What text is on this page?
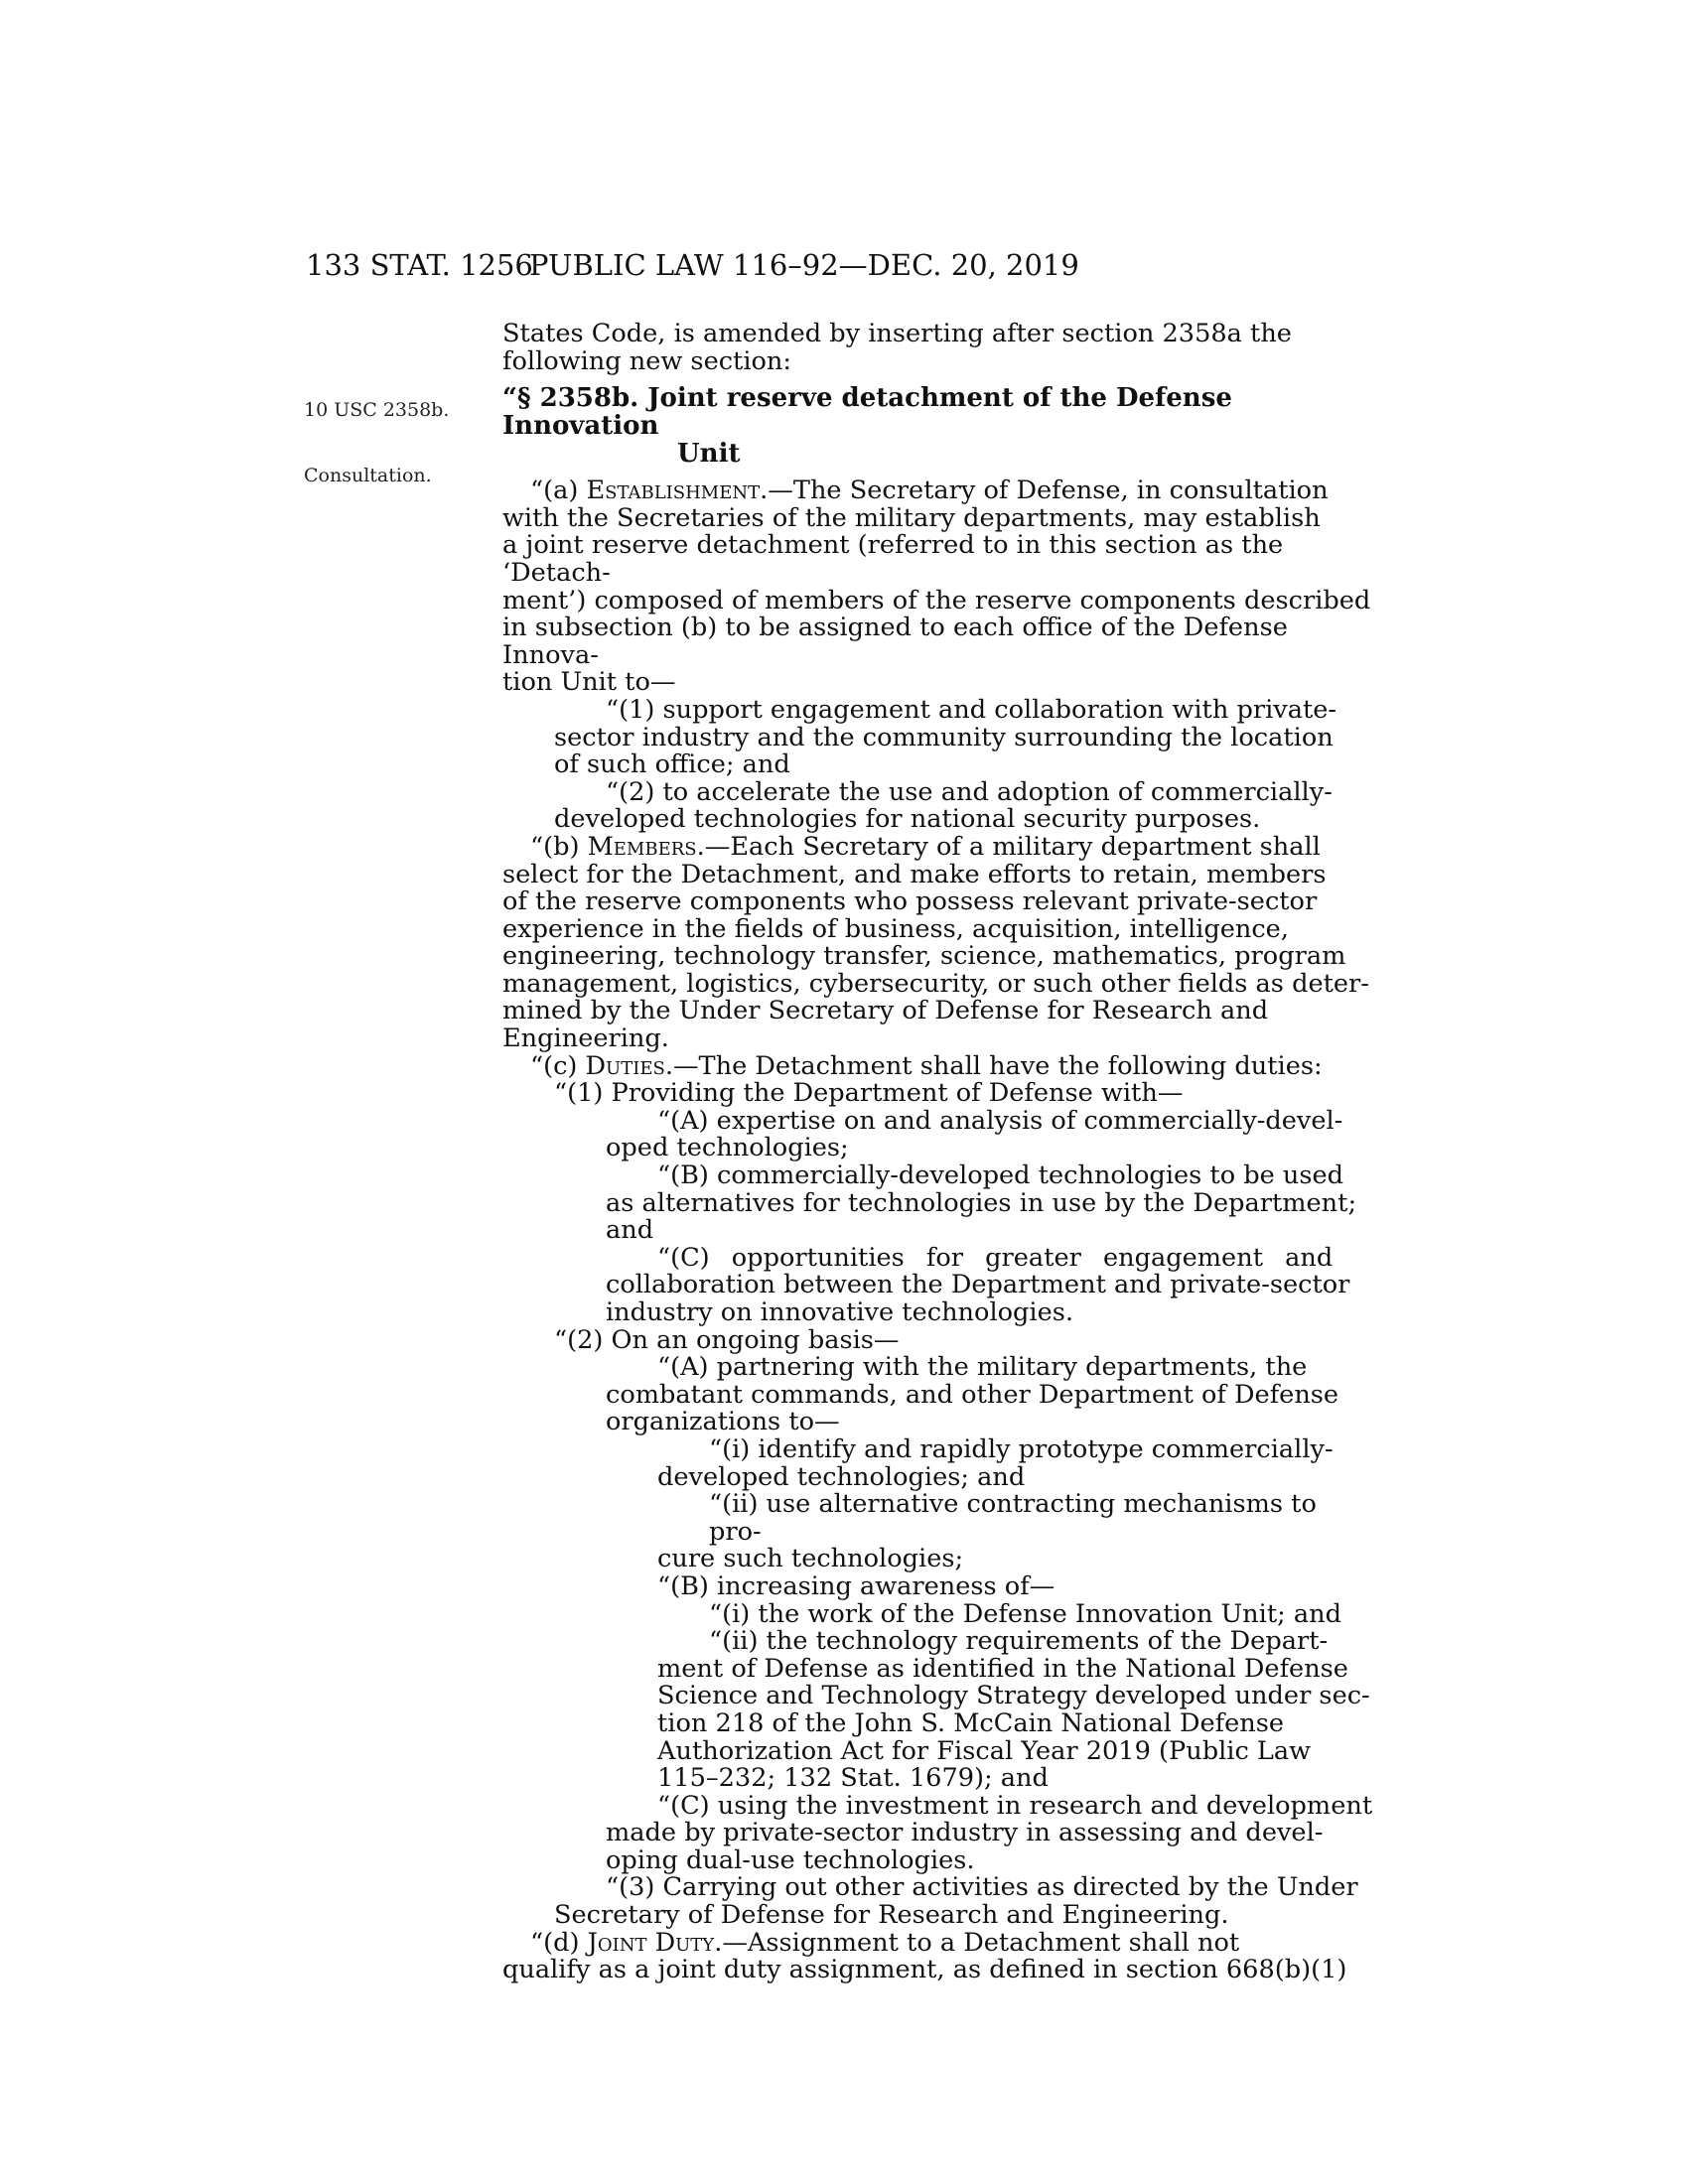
133 STAT. 1256
PUBLIC LAW 116–92—DEC. 20, 2019
10 USC 2358b.
Consultation.
States Code, is amended by inserting after section 2358a the
following new section:
“§ 2358b. Joint reserve detachment of the Defense Innovation
Unit
“(a) Establishment.—The Secretary of Defense, in consultation
with the Secretaries of the military departments, may establish
a joint reserve detachment (referred to in this section as the ‘Detach-
ment’) composed of members of the reserve components described
in subsection (b) to be assigned to each office of the Defense Innova-
tion Unit to—
“(1) support engagement and collaboration with private-
sector industry and the community surrounding the location
of such office; and
“(2) to accelerate the use and adoption of commercially-
developed technologies for national security purposes.
“(b) Members.—Each Secretary of a military department shall
select for the Detachment, and make efforts to retain, members
of the reserve components who possess relevant private-sector
experience in the fields of business, acquisition, intelligence,
engineering, technology transfer, science, mathematics, program
management, logistics, cybersecurity, or such other fields as deter-
mined by the Under Secretary of Defense for Research and
Engineering.
“(c) Duties.—The Detachment shall have the following duties:
“(1) Providing the Department of Defense with—
“(A) expertise on and analysis of commercially-devel-
oped technologies;
“(B) commercially-developed technologies to be used
as alternatives for technologies in use by the Department;
and
“(C) opportunities for greater engagement and
collaboration between the Department and private-sector
industry on innovative technologies.
“(2) On an ongoing basis—
“(A) partnering with the military departments, the
combatant commands, and other Department of Defense
organizations to—
“(i) identify and rapidly prototype commercially-
developed technologies; and
“(ii) use alternative contracting mechanisms to pro-
cure such technologies;
“(B) increasing awareness of—
“(i) the work of the Defense Innovation Unit; and
“(ii) the technology requirements of the Depart-
ment of Defense as identified in the National Defense
Science and Technology Strategy developed under sec-
tion 218 of the John S. McCain National Defense
Authorization Act for Fiscal Year 2019 (Public Law
115–232; 132 Stat. 1679); and
“(C) using the investment in research and development
made by private-sector industry in assessing and devel-
oping dual-use technologies.
“(3) Carrying out other activities as directed by the Under
Secretary of Defense for Research and Engineering.
“(d) Joint Duty.—Assignment to a Detachment shall not
qualify as a joint duty assignment, as defined in section 668(b)(1)
